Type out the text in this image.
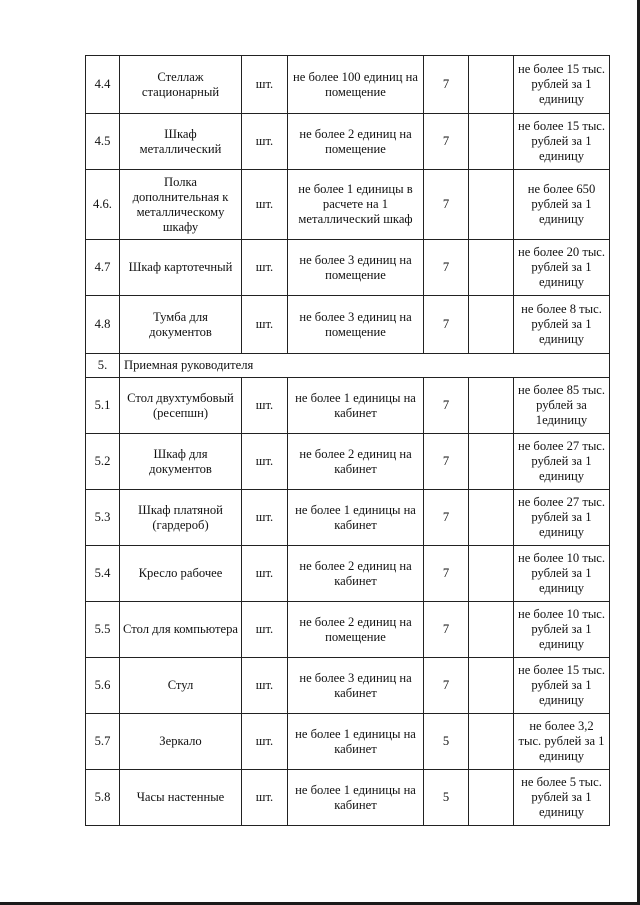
4.4	Стеллаж стационарный	шт.	не более 100 единиц на помещение	7		не более 15 тыс. рублей за 1 единицу
4.5	Шкаф металлический	шт.	не более 2 единиц на помещение	7		не более 15 тыс. рублей за 1 единицу
4.6.	Полка дополнительная к металлическому шкафу	шт.	не более 1 единицы в расчете на 1 металлический шкаф	7		не более 650 рублей за 1 единицу
4.7	Шкаф картотечный	шт.	не более 3 единиц на помещение	7		не более 20 тыс. рублей за 1 единицу
4.8	Тумба для документов	шт.	не более 3 единиц на помещение	7		не более 8 тыс. рублей за 1 единицу
5.	Приемная руководителя					
5.1	Стол двухтумбовый (ресепшн)	шт.	не более 1 единицы на кабинет	7		не более 85 тыс. рублей за 1единицу
5.2	Шкаф для документов	шт.	не более 2 единиц на кабинет	7		не более 27 тыс. рублей за 1 единицу
5.3	Шкаф платяной (гардероб)	шт.	не более 1 единицы на кабинет	7		не более 27 тыс. рублей за 1 единицу
5.4	Кресло рабочее	шт.	не более 2 единиц на кабинет	7		не более 10 тыс. рублей за 1 единицу
5.5	Стол для компьютера	шт.	не более 2 единиц на помещение	7		не более 10 тыс. рублей за 1 единицу
5.6	Стул	шт.	не более 3 единиц на кабинет	7		не более 15 тыс. рублей за 1 единицу
5.7	Зеркало	шт.	не более 1 единицы на кабинет	5		не более 3,2 тыс. рублей за 1 единицу
5.8	Часы настенные	шт.	не более 1 единицы на кабинет	5		не более 5 тыс. рублей за 1 единицу
